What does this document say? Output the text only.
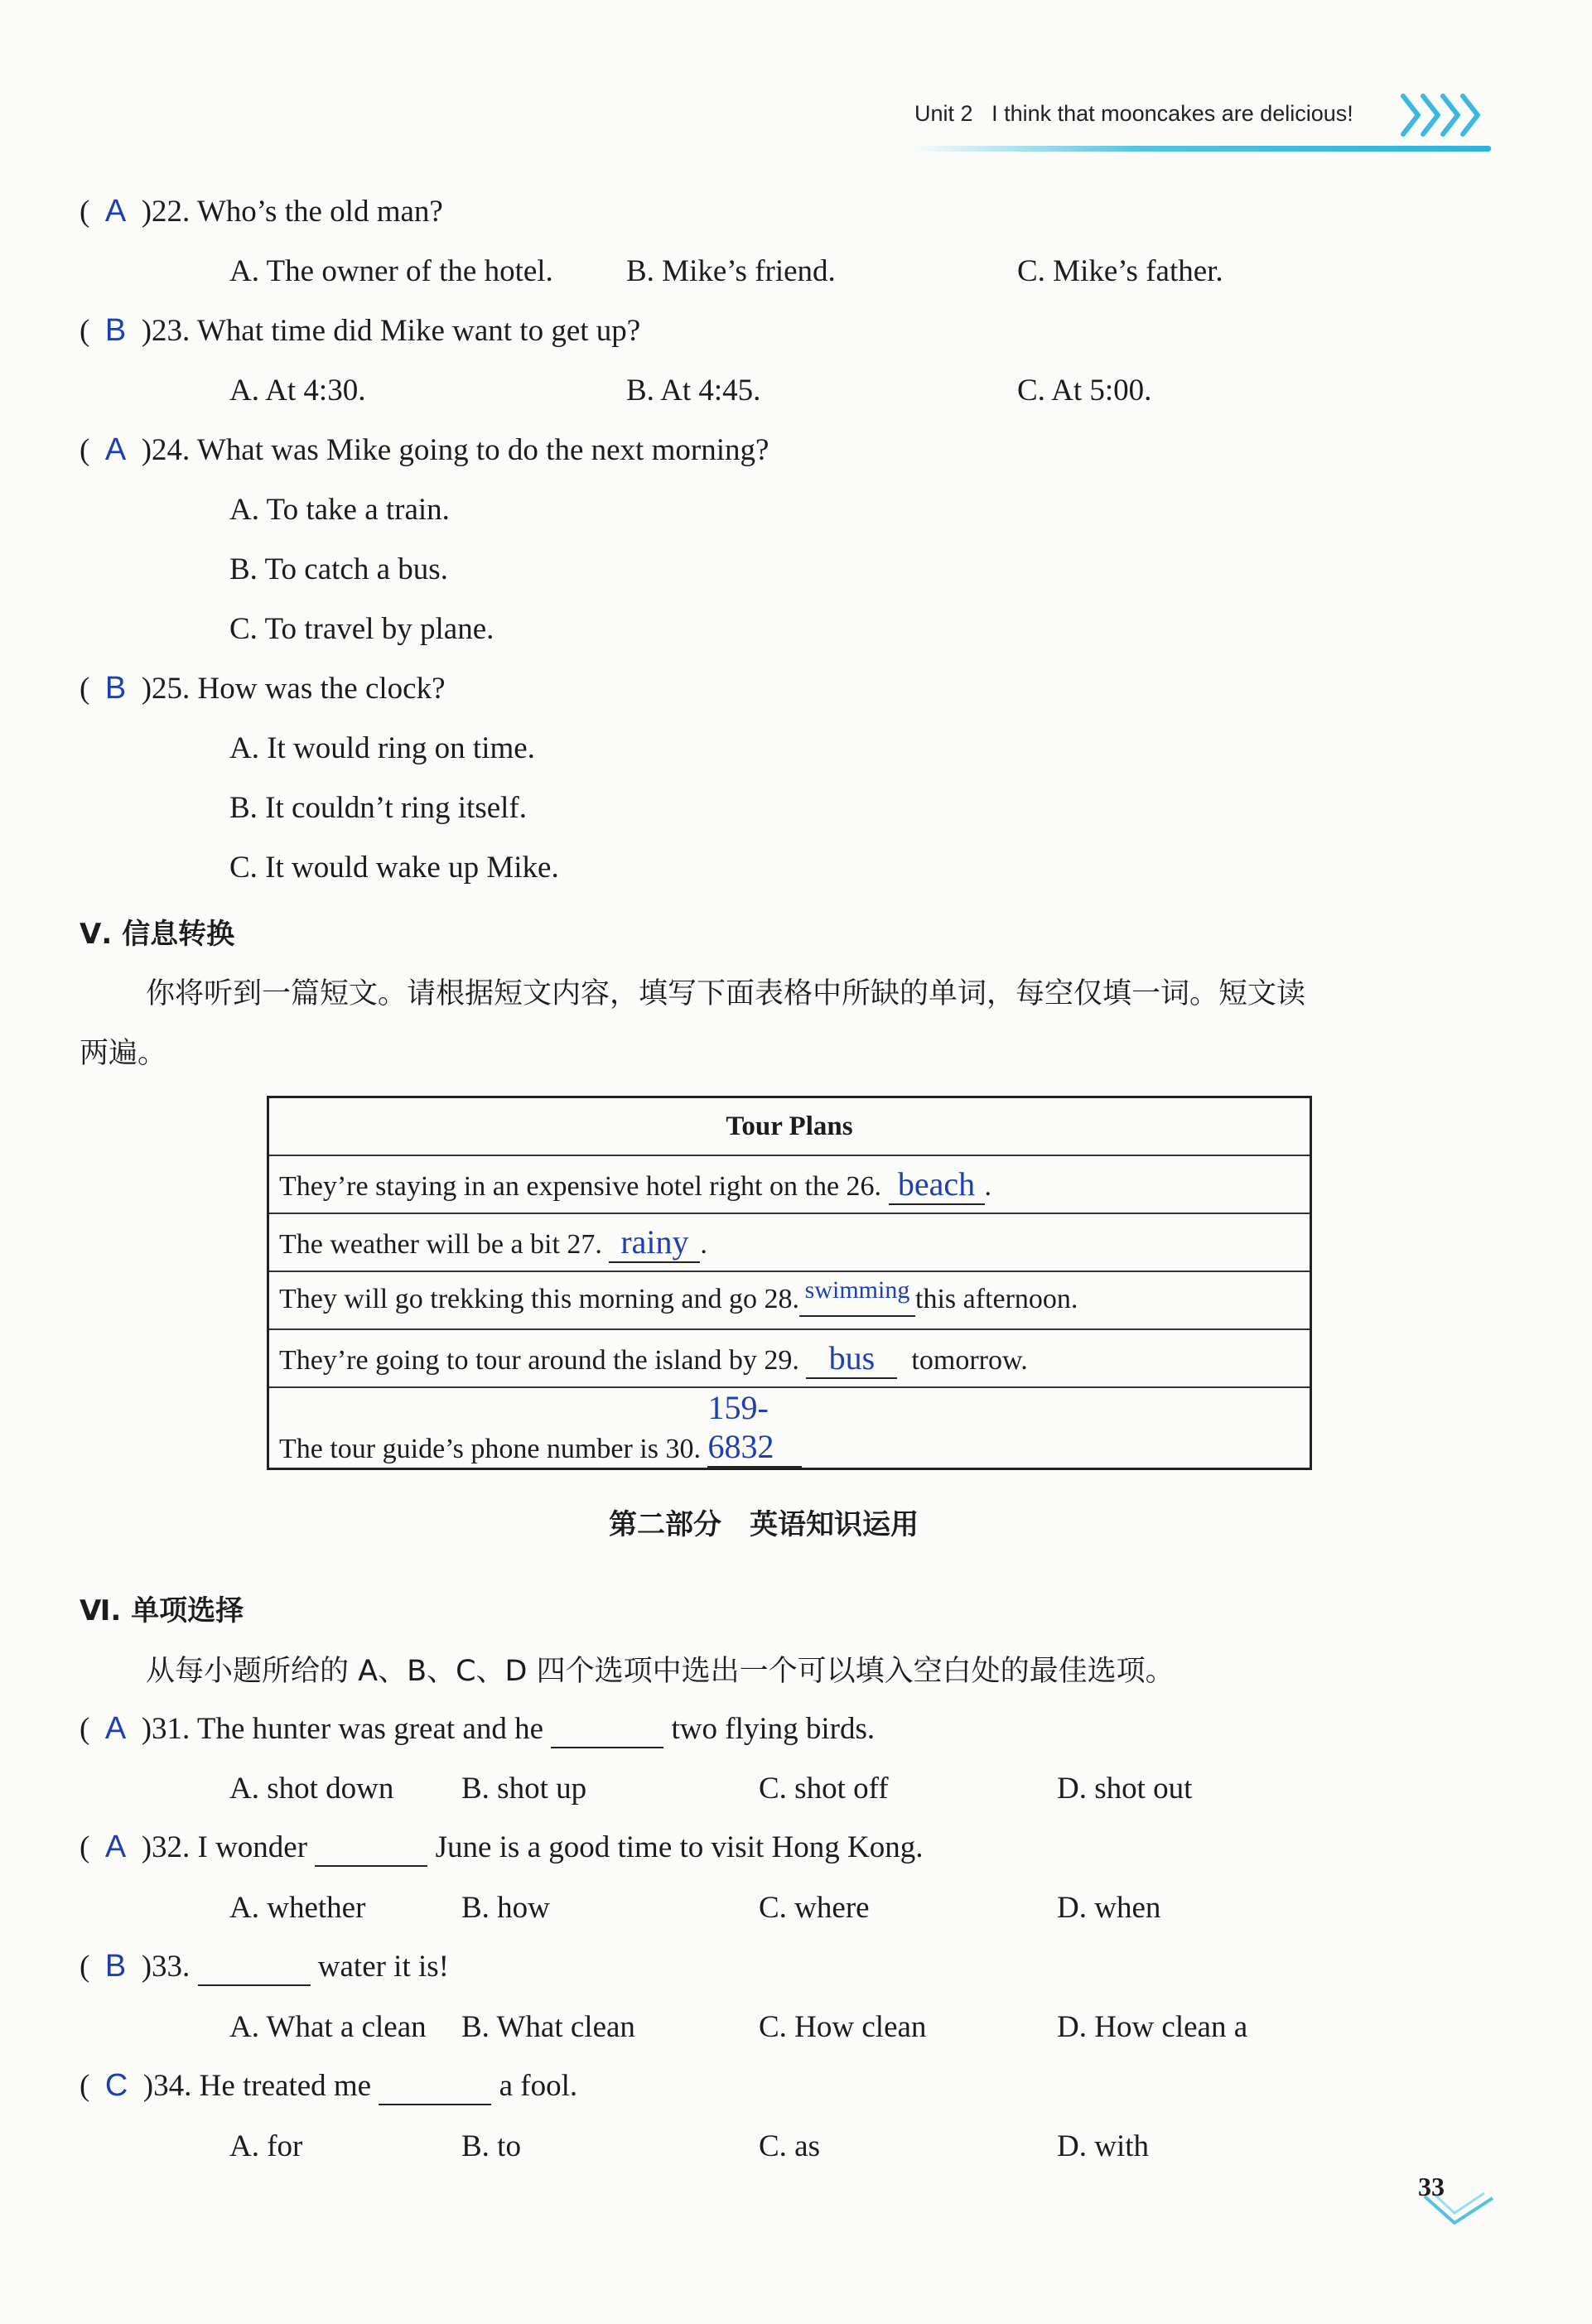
Unit 2 I think that mooncakes are delicious!
(  A  )22. Who’s the old man?
A. The owner of the hotel. B. Mike’s friend.	C. Mike’s father.
(  B  )23. What time did Mike want to get up?
A. At 4:30.	B. At 4:45.	C. At 5:00.
(  A  )24. What was Mike going to do the next morning?
A. To take a train.
B. To catch a bus.
C. To travel by plane.
(  B  )25. How was the clock?
A. It would ring on time.
B. It couldn’t ring itself.
C. It would wake up Mike.
Ⅴ. 信息转换
你将听到一篇短文。请根据短文内容，填写下面表格中所缺的单词，每空仅填一词。短文读
两遍。
Tour Plans
They’re staying in an expensive hotel right on the 26. beach .
The weather will be a bit 27. rainy .
They will go trekking this morning and go 28. swimming this afternoon.
They’re going to tour around the island by 29. bus tomorrow.
The tour guide’s phone number is 30. 159-6832
第二部分　英语知识运用
Ⅵ. 单项选择
从每小题所给的 A、B、C、D 四个选项中选出一个可以填入空白处的最佳选项。
(  A  )31. The hunter was great and he	two flying birds.
A. shot down B. shot up	C. shot off	D. shot out
(  A  )32. I wonder	June is a good time to visit Hong Kong.
A. whether	B. how	C. where	D. when
(  B  )33.	water it is!
A. What a clean B. What clean	C. How clean	D. How clean a
(  C  )34. He treated me	a fool.
A. for	B. to	C. as	D. with
33
